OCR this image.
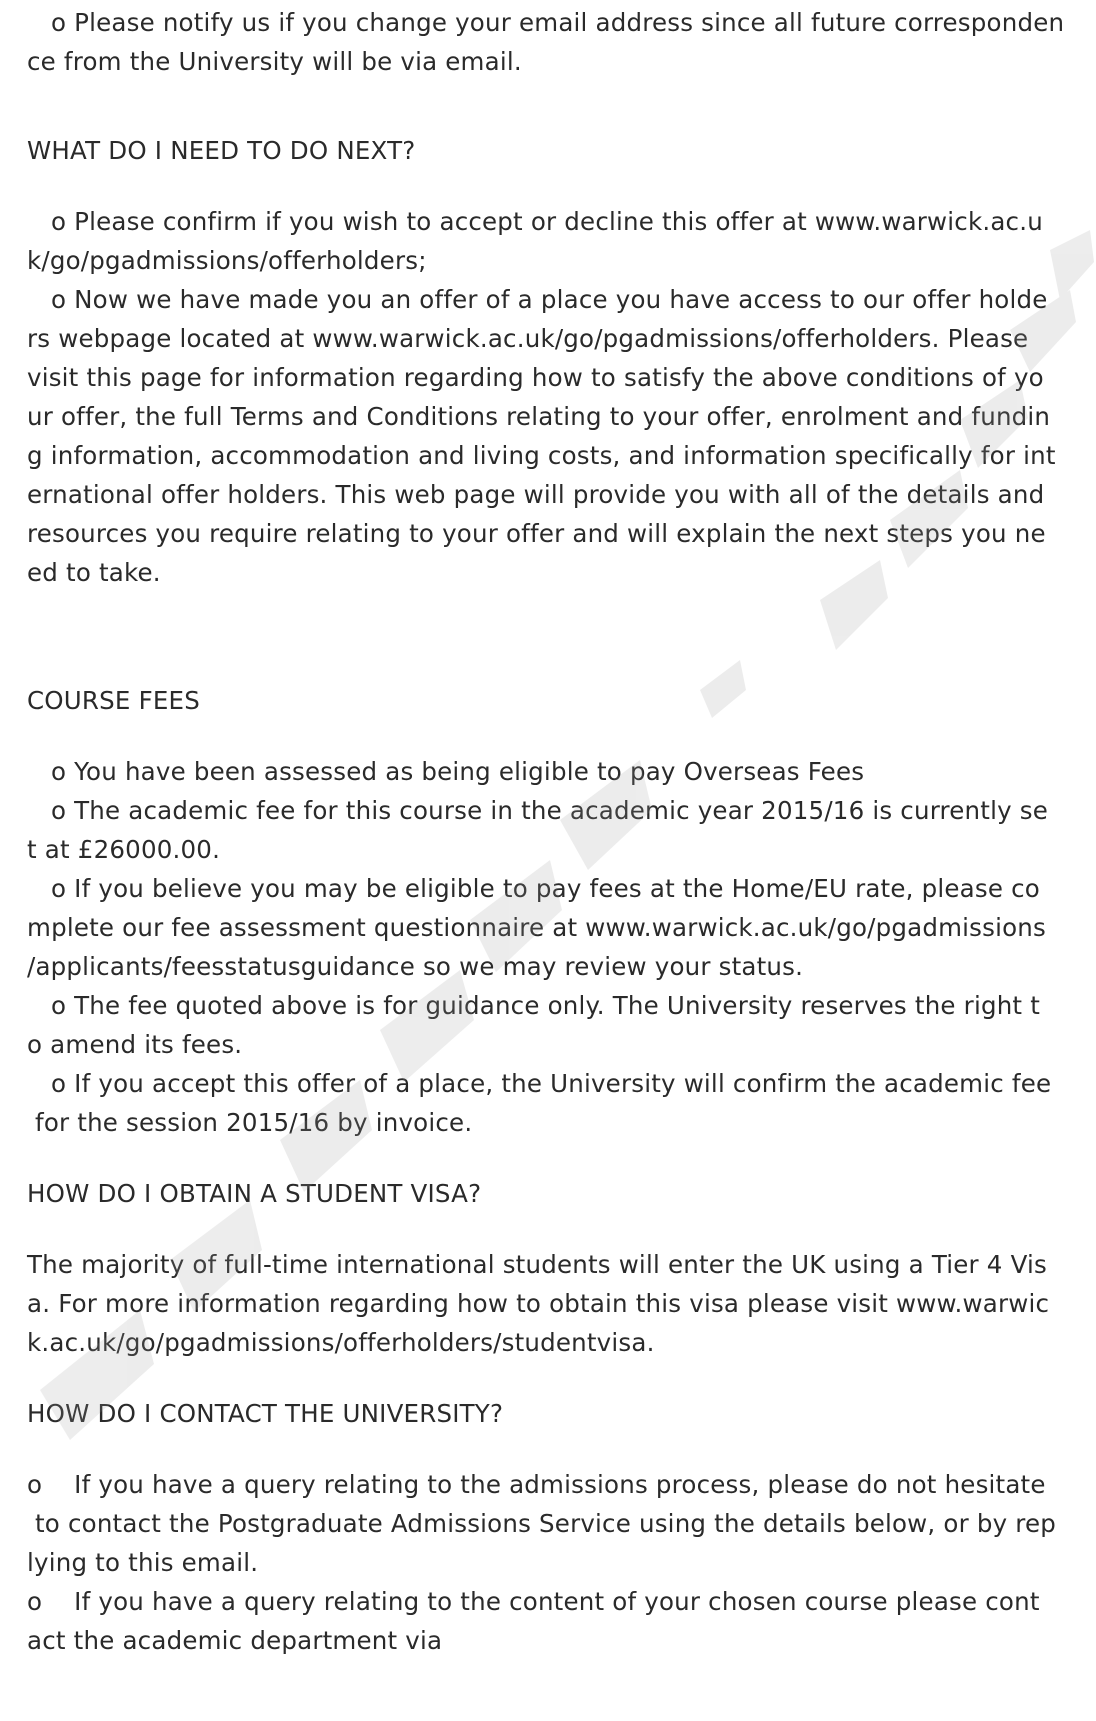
o Please notify us if you change your email address since all future corresponden
ce from the University will be via email.
WHAT DO I NEED TO DO NEXT?
o Please confirm if you wish to accept or decline this offer at www.warwick.ac.u
k/go/pgadmissions/offerholders;
o Now we have made you an offer of a place you have access to our offer holde
rs webpage located at www.warwick.ac.uk/go/pgadmissions/offerholders. Please
visit this page for information regarding how to satisfy the above conditions of yo
ur offer, the full Terms and Conditions relating to your offer, enrolment and fundin
g information, accommodation and living costs, and information specifically for int
ernational offer holders. This web page will provide you with all of the details and
resources you require relating to your offer and will explain the next steps you ne
ed to take.
COURSE FEES
o You have been assessed as being eligible to pay Overseas Fees
o The academic fee for this course in the academic year 2015/16 is currently se
t at £26000.00.
o If you believe you may be eligible to pay fees at the Home/EU rate, please co
mplete our fee assessment questionnaire at www.warwick.ac.uk/go/pgadmissions
/applicants/feesstatusguidance so we may review your status.
o The fee quoted above is for guidance only. The University reserves the right t
o amend its fees.
o If you accept this offer of a place, the University will confirm the academic fee
for the session 2015/16 by invoice.
HOW DO I OBTAIN A STUDENT VISA?
The majority of full-time international students will enter the UK using a Tier 4 Vis
a. For more information regarding how to obtain this visa please visit www.warwic
k.ac.uk/go/pgadmissions/offerholders/studentvisa.
HOW DO I CONTACT THE UNIVERSITY?
o    If you have a query relating to the admissions process, please do not hesitate
to contact the Postgraduate Admissions Service using the details below, or by rep
lying to this email.
o    If you have a query relating to the content of your chosen course please cont
act the academic department via
